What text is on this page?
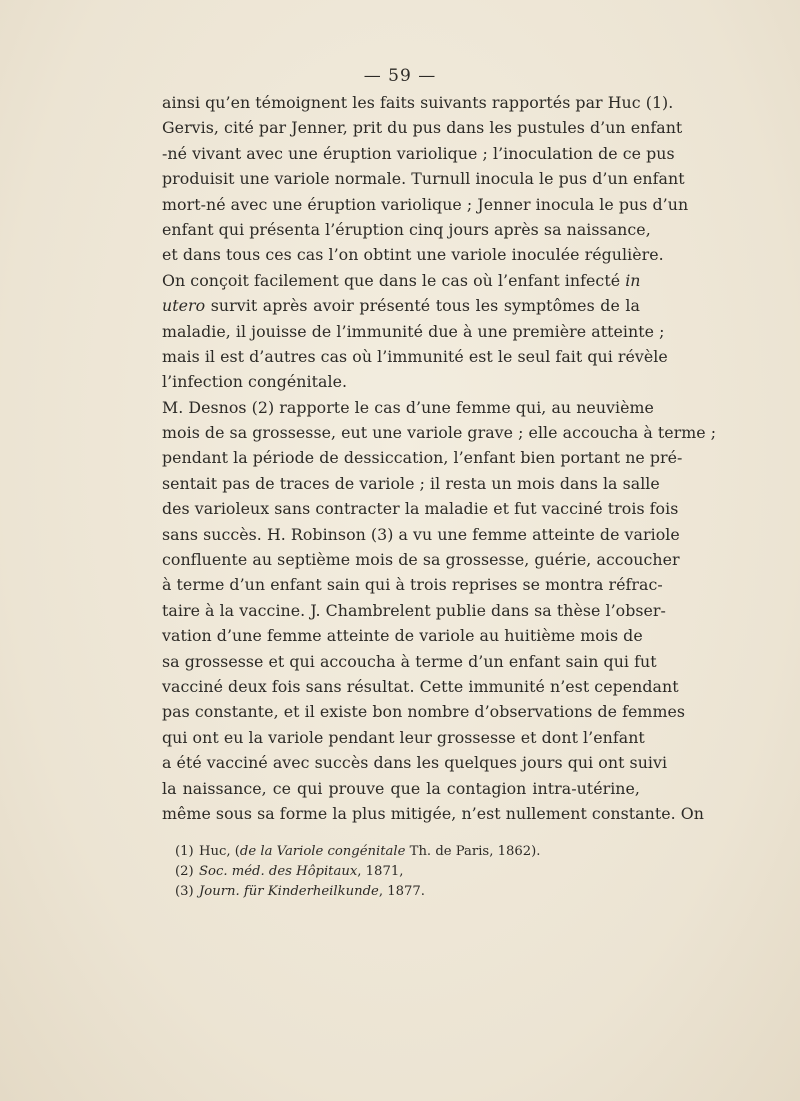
— 59 —
ainsi qu’en témoignent les faits suivants rapportés par Huc (1).
Gervis, cité par Jenner, prit du pus dans les pustules d’un enfant
-né vivant avec une éruption variolique ; l’inoculation de ce pus
produisit une variole normale. Turnull inocula le pus d’un enfant
mort-né avec une éruption variolique ; Jenner inocula le pus d’un
enfant qui présenta l’éruption cinq jours après sa naissance,
et dans tous ces cas l’on obtint une variole inoculée régulière.
On conçoit facilement que dans le cas où l’enfant infecté in
utero survit après avoir présenté tous les symptômes de la
maladie, il jouisse de l’immunité due à une première atteinte ;
mais il est d’autres cas où l’immunité est le seul fait qui révèle
l’infection congénitale.
M. Desnos (2) rapporte le cas d’une femme qui, au neuvième
mois de sa grossesse, eut une variole grave ; elle accoucha à terme ;
pendant la période de dessiccation, l’enfant bien portant ne pré-
sentait pas de traces de variole ; il resta un mois dans la salle
des varioleux sans contracter la maladie et fut vacciné trois fois
sans succès. H. Robinson (3) a vu une femme atteinte de variole
confluente au septième mois de sa grossesse, guérie, accoucher
à terme d’un enfant sain qui à trois reprises se montra réfrac-
taire à la vaccine. J. Chambrelent publie dans sa thèse l’obser-
vation d’une femme atteinte de variole au huitième mois de
sa grossesse et qui accoucha à terme d’un enfant sain qui fut
vacciné deux fois sans résultat. Cette immunité n’est cependant
pas constante, et il existe bon nombre d’observations de femmes
qui ont eu la variole pendant leur grossesse et dont l’enfant
a été vacciné avec succès dans les quelques jours qui ont suivi
la naissance, ce qui prouve que la contagion intra-utérine,
même sous sa forme la plus mitigée, n’est nullement constante. On
(1) Huc, (de la Variole congénitale Th. de Paris, 1862).
(2) Soc. méd. des Hôpitaux, 1871,
(3) Journ. für Kinderheilkunde, 1877.
